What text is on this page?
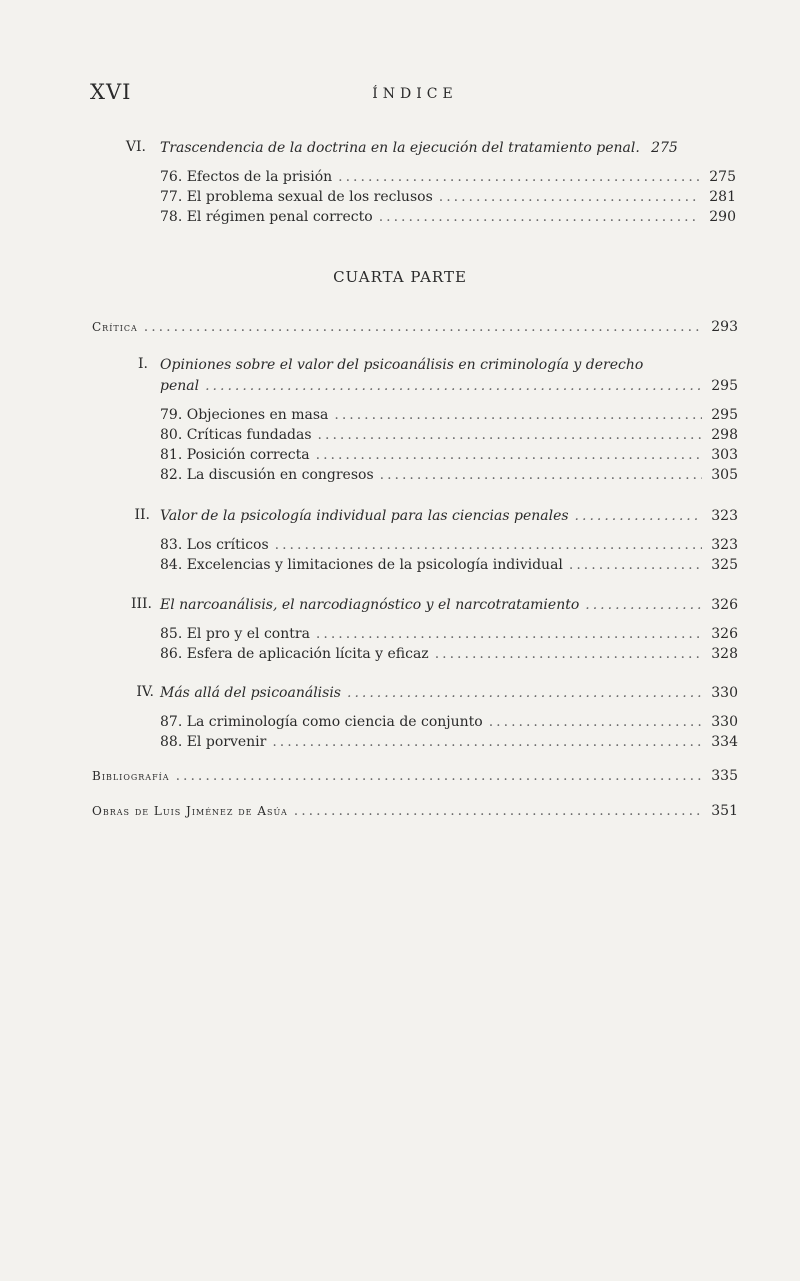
XVI	ÍNDICE
VI. Trascendencia de la doctrina en la ejecución del tratamiento penal. 275
76. Efectos de la prisión .....	275
77. El problema sexual de los reclusos .....	281
78. El régimen penal correcto .....	290
CUARTA PARTE
Crítica .....	293
I. Opiniones sobre el valor del psicoanálisis en criminología y derecho
penal .....	295
79. Objeciones en masa .....	295
80. Críticas fundadas .....	298
81. Posición correcta .....	303
82. La discusión en congresos .....	305
II. Valor de la psicología individual para las ciencias penales .....	323
83. Los críticos .....	323
84. Excelencias y limitaciones de la psicología individual .....	325
III. El narcoanálisis, el narcodiagnóstico y el narcotratamiento .....	326
85. El pro y el contra .....	326
86. Esfera de aplicación lícita y eficaz .....	328
IV. Más allá del psicoanálisis .....	330
87. La criminología como ciencia de conjunto .....	330
88. El porvenir .....	334
Bibliografía .....	335
Obras de Luis Jiménez de Asúa .....	351
